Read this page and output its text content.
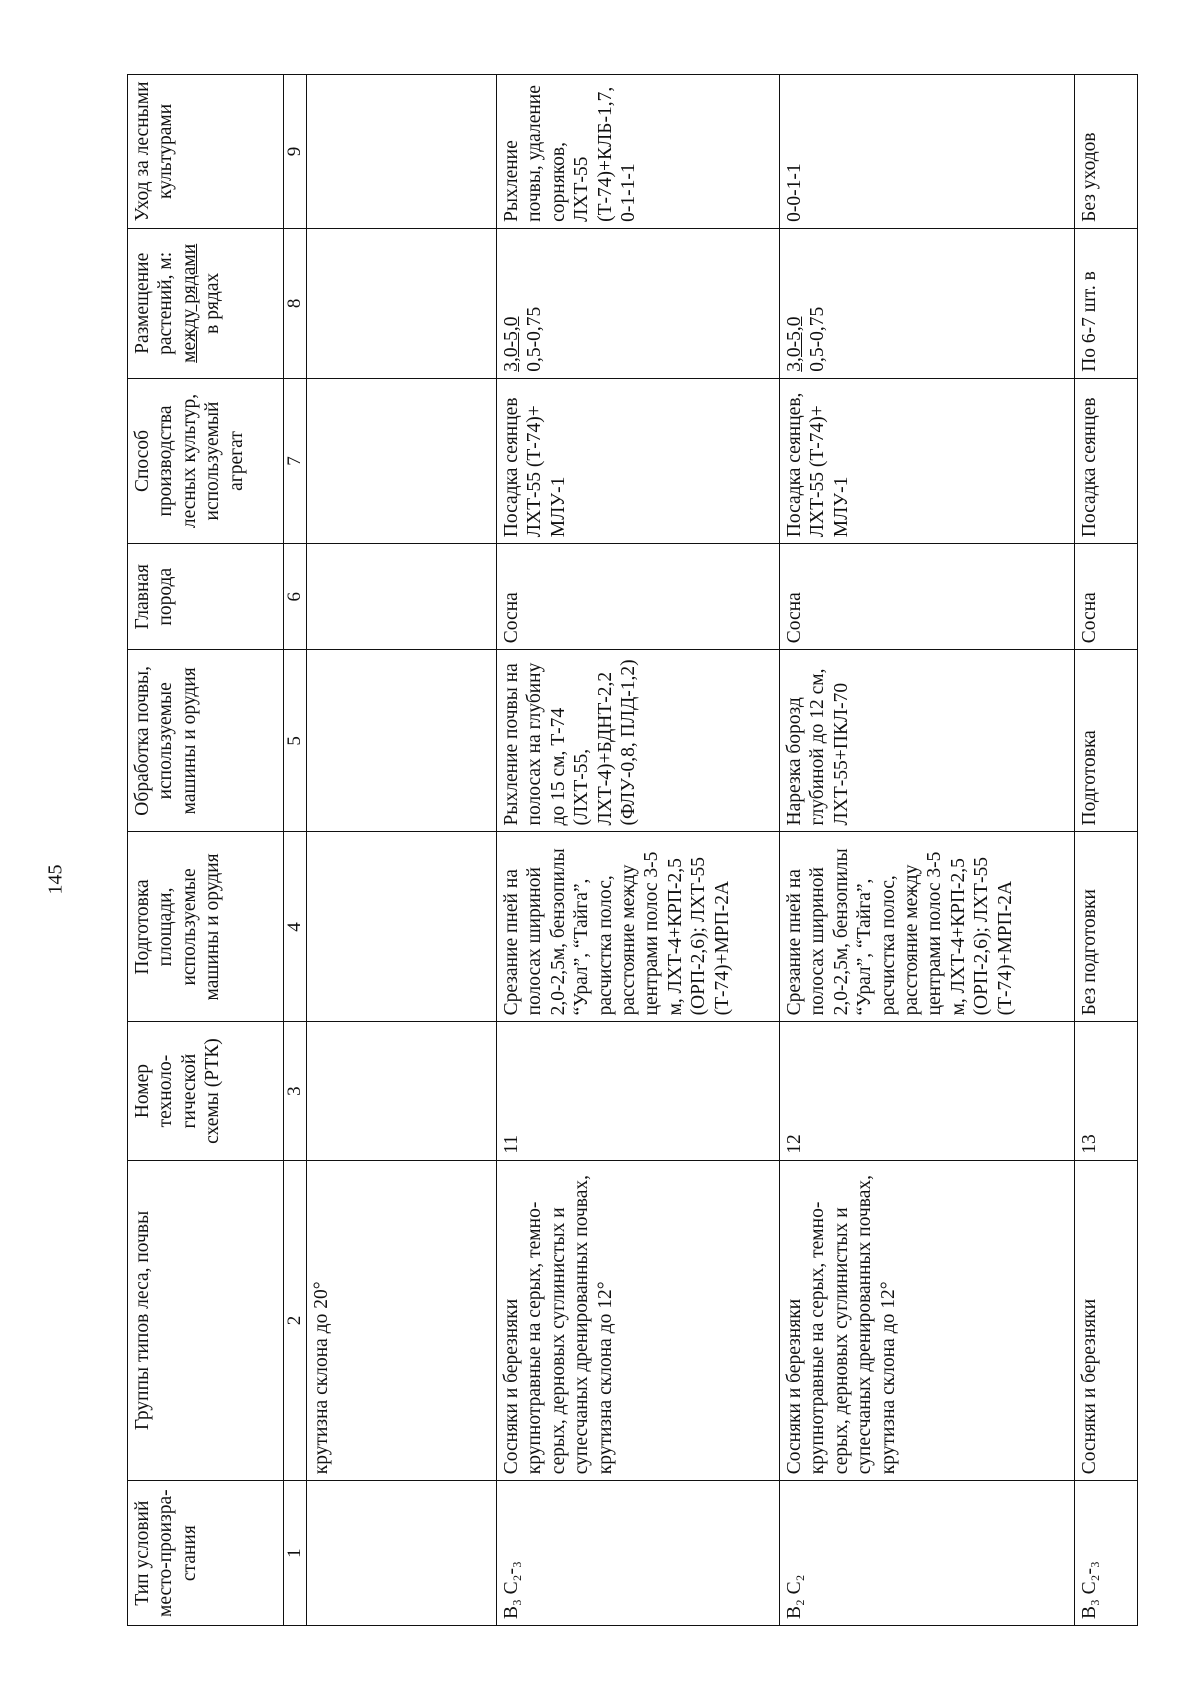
145
Тип условий место-произра-стания	Группы типов леса, почвы	Номер техноло-гической схемы (РТК)	Подготовка площади, используемые машины и орудия	Обработка почвы, используемые машины и орудия	Главная порода	Способ производства лесных культур, используемый агрегат	Размещение растений, м: между рядами в рядах	Уход за лесными культурами
1	2	3	4	5	6	7	8	9
	крутизна склона до 20°						

В₃ С₂-₃	Сосняки и березняки крупнотравные на серых, темно-серых, дерновых суглинистых и супесчаных дренированных почвах, крутизна склона до 12°	11	Срезание пней на полосах шириной 2,0-2,5м, бензопилы “Урал”, “Тайга”, расчистка полос, расстояние между центрами полос 3-5 м, ЛХТ-4+КРП-2,5 (ОРП-2,6); ЛХТ-55 (Т-74)+МРП-2А	Рыхление почвы на полосах на глубину до 15 см, Т-74 (ЛХТ-55, ЛХТ-4)+БДНТ-2,2 (ФЛУ-0,8, ПЛД-1,2)	Сосна	Посадка сеянцев ЛХТ-55 (Т-74)+ МЛУ-1	3,0-5,0 0,5-0,75	Рыхление почвы, удаление сорняков, ЛХТ-55 (Т-74)+КЛБ-1,7, 0-1-1-1
В₂ С₂	Сосняки и березняки крупнотравные на серых, темно-серых, дерновых суглинистых и супесчаных дренированных почвах, крутизна склона до 12°	12	Срезание пней на полосах шириной 2,0-2,5м, бензопилы “Урал”, “Тайга”, расчистка полос, расстояние между центрами полос 3-5 м, ЛХТ-4+КРП-2,5 (ОРП-2,6); ЛХТ-55 (Т-74)+МРП-2А	Нарезка борозд глубиной до 12 см, ЛХТ-55+ПКЛ-70	Сосна	Посадка сеянцев, ЛХТ-55 (Т-74)+ МЛУ-1	3,0-5,0 0,5-0,75	0-0-1-1
В₃ С₂-₃	Сосняки и березняки	13	Без подготовки	Подготовка	Сосна	Посадка сеянцев	По 6-7 шт. в	Без уходов
